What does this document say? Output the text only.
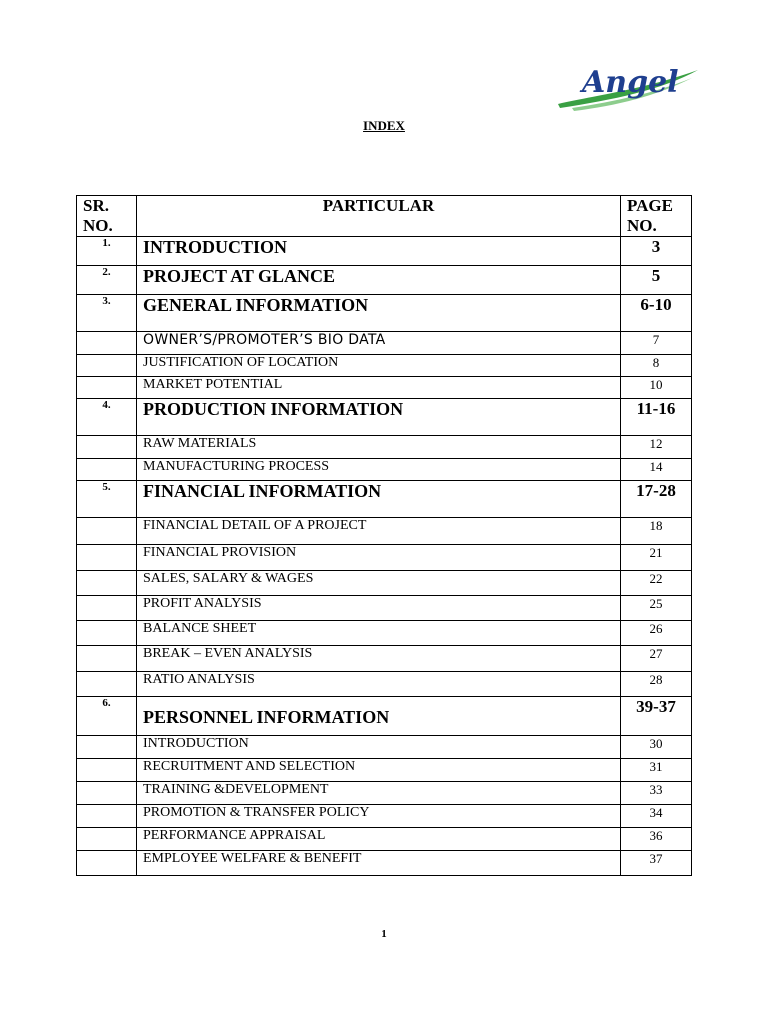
Angel
INDEX
SR. NO.	PARTICULAR	PAGE NO.
1.	INTRODUCTION	3
2.	PROJECT AT GLANCE	5
3.	GENERAL INFORMATION	6-10
	OWNER’S/PROMOTER’S BIO DATA	7
	JUSTIFICATION OF LOCATION	8
	MARKET POTENTIAL	10
4.	PRODUCTION INFORMATION	11-16
	RAW MATERIALS	12
	MANUFACTURING PROCESS	14
5.	FINANCIAL INFORMATION	17-28
	FINANCIAL DETAIL OF A PROJECT	18
	FINANCIAL PROVISION	21
	SALES, SALARY & WAGES	22
	PROFIT ANALYSIS	25
	BALANCE SHEET	26
	BREAK – EVEN ANALYSIS	27
	RATIO ANALYSIS	28
6.	PERSONNEL INFORMATION	39-37
	INTRODUCTION	30
	RECRUITMENT AND SELECTION	31
	TRAINING &DEVELOPMENT	33
	PROMOTION & TRANSFER POLICY	34
	PERFORMANCE APPRAISAL	36
	EMPLOYEE WELFARE & BENEFIT	37
1
